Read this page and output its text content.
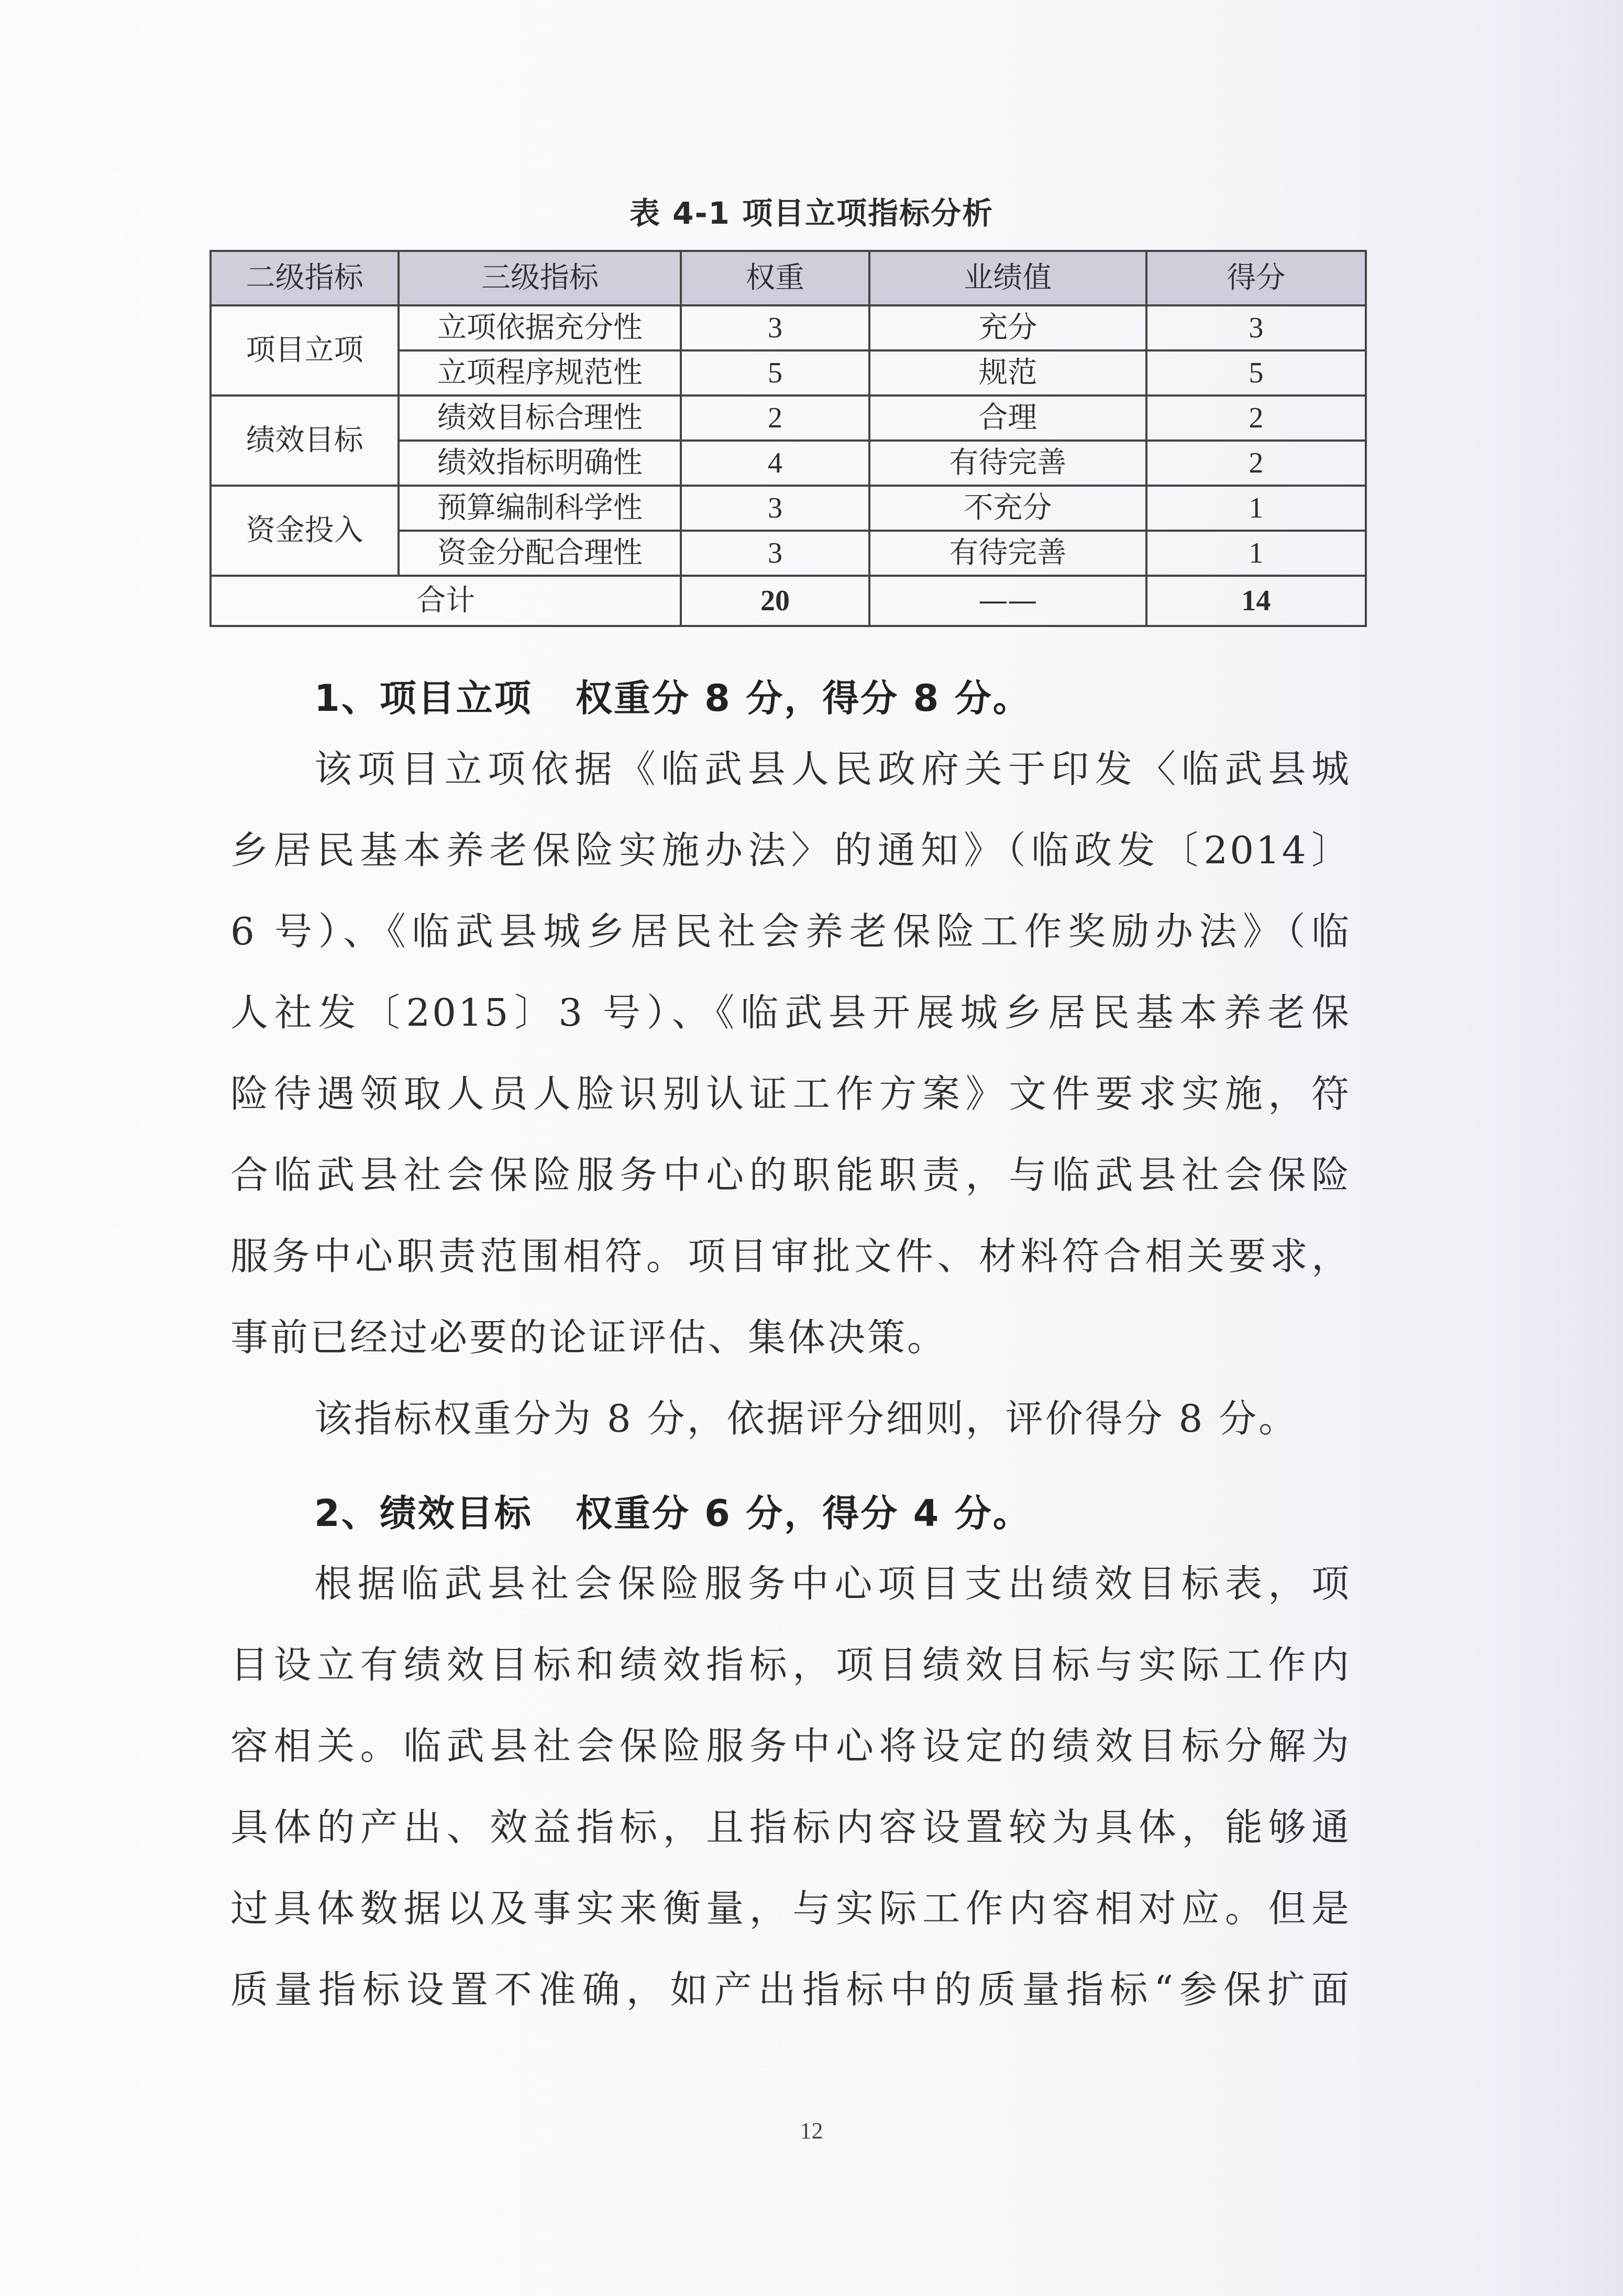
表 4-1 项目立项指标分析
二级指标	三级指标	权重	业绩值	得分
项目立项	立项依据充分性	3	充分	3
	立项程序规范性	5	规范	5
绩效目标	绩效目标合理性	2	合理	2
	绩效指标明确性	4	有待完善	2
资金投入	预算编制科学性	3	不充分	1
	资金分配合理性	3	有待完善	1
合计		20	——	14
1、项目立项   权重分 8 分，得分 8 分。
该项目立项依据《临武县人民政府关于印发〈临武县城
乡居民基本养老保险实施办法〉的通知》（临政发〔2014〕
6 号）、《临武县城乡居民社会养老保险工作奖励办法》（临
人社发〔2015〕3 号）、《临武县开展城乡居民基本养老保
险待遇领取人员人脸识别认证工作方案》文件要求实施，符
合临武县社会保险服务中心的职能职责，与临武县社会保险
服务中心职责范围相符。项目审批文件、材料符合相关要求，
事前已经过必要的论证评估、集体决策。
该指标权重分为 8 分，依据评分细则，评价得分 8 分。
2、绩效目标   权重分 6 分，得分 4 分。
根据临武县社会保险服务中心项目支出绩效目标表，项
目设立有绩效目标和绩效指标，项目绩效目标与实际工作内
容相关。临武县社会保险服务中心将设定的绩效目标分解为
具体的产出、效益指标，且指标内容设置较为具体，能够通
过具体数据以及事实来衡量，与实际工作内容相对应。但是
质量指标设置不准确，如产出指标中的质量指标“参保扩面
12
